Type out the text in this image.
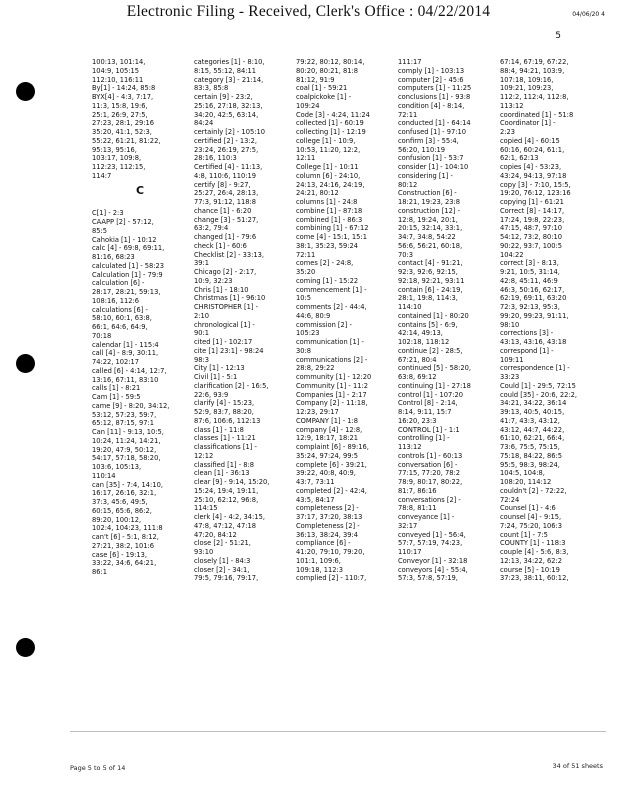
Electronic Filing - Received, Clerk's Office : 04/22/2014	04/06/20 4
5
100:13, 101:14,
104:9, 105:15
112:10, 116:11
By[1] - 14:24, 85:8
BYX[4] - 4:3, 7:17,
11:3, 15:8, 19:6,
25:1, 26:9, 27:5,
27:23, 28:1, 29:16
35:20, 41:1, 52:3,
55:22, 61:21, 81:22,
95:13, 95:16,
103:17, 109:8,
112:23, 112:15,
114:7
C

C[1] - 2:3
CAAPP [2] - 57:12,
85:5
Cahokia [1] - 10:12
calc [4] - 69:8, 69:11,
81:16, 68:23
calculated [1] - 58:23
Calculation [1] - 79:9
calculation [6] -
28:17, 28:21, 59:13,
108:16, 112:6
calculations [6] -
58:10, 60:1, 63:8,
66:1, 64:6, 64:9,
70:18
calendar [1] - 115:4
call [4] - 8:9, 30:11,
74:22, 102:17
called [6] - 4:14, 12:7,
13:16, 67:11, 83:10
calls [1] - 8:21
Cam [1] - 59:5
came [9] - 8:20, 34:12,
53:12, 57:23, 59:7,
65:12, 87:15, 97:1
Can [11] - 9:13, 10:5,
10:24, 11:24, 14:21,
19:20, 47:9, 50:12,
54:17, 57:18, 58:20,
103:6, 105:13,
110:14
can [35] - 7:4, 14:10,
16:17, 26:16, 32:1,
37:3, 45:6, 49:5,
60:15, 65:6, 86:2,
89:20, 100:12,
102:4, 104:23, 111:8
can't [6] - 5:1, 8:12,
27:21, 38:2, 101:6
case [6] - 19:13,
33:22, 34:6, 64:21,
86:1
categories [1] - 8:10,
8:15, 55:12, 84:11
category [3] - 21:14,
83:3, 85:8
certain [9] - 23:2,
25:16, 27:18, 32:13,
34:20, 42:5, 63:14,
84:24
certainly [2] - 105:10
certified [2] - 13:2,
23:24, 26:19, 27:5,
28:16, 110:3
Certified [4] - 11:13,
4:8, 110:6, 110:19
certify [8] - 9:27,
25:27, 26:4, 28:13,
77:3, 91:12, 118:8
chance [1] - 6:20
change [3] - 51:27,
63:2, 79:4
changed [1] - 79:6
check [1] - 60:6
Checklist [2] - 33:13,
39:1
Chicago [2] - 2:17,
10:9, 32:23
Chris [1] - 18:10
Christmas [1] - 96:10
CHRISTOPHER [1] -
2:10
chronological [1] -
90:1
cited [1] - 102:17
cite [1] 23:1] - 98:24
98:3
City [1] - 12:13
Civil [1] - 5:1
clarification [2] - 16:5,
22:6, 93:9
clarify [4] - 15:23,
52:9, 83:7, 88:20,
87:6, 106:6, 112:13
class [1] - 11:8
classes [1] - 11:21
classifications [1] -
12:12
classified [1] - 8:8
clean [1] - 36:13
clear [9] - 9:14, 15:20,
15:24, 19:4, 19:11,
25:10, 62:12, 96:8,
114:15
clerk [4] - 4:2, 34:15,
47:8, 47:12, 47:18
47:20, 84:12
close [2] - 51:21,
93:10
closely [1] - 84:3
closer [2] - 34:1,
79:5, 79:16, 79:17,
79:22, 80:12, 80:14,
80:20, 80:21, 81:8
81:12, 91:9
coal [1] - 59:21
coalpickoke [1] -
109:24
Code [3] - 4:24, 11:24
collected [1] - 60:19
collecting [1] - 12:19
college [1] - 10:9,
10:53, 11:20, 12:2,
12:11
College [1] - 10:11
column [6] - 24:10,
24:13, 24:16, 24:19,
24:21, 80:12
columns [1] - 24:8
combine [1] - 87:18
combined [1] - 86:3
combining [1] - 67:12
come [4] - 15:1, 15:1
38:1, 35:23, 59:24
72:11
comes [2] - 24:8,
35:20
coming [1] - 15:22
commencement [1] -
10:5
comments [2] - 44:4,
44:6, 80:9
commission [2] -
105:23
communication [1] -
30:8
communications [2] -
28:8, 29:22
community [1] - 12:20
Community [1] - 11:2
Companies [1] - 2:17
Company [2] - 11:18,
12:23, 29:17
COMPANY [1] - 1:8
company [4] - 12:8,
12:9, 18:17, 18:21
complaint [6] - 89:16,
35:24, 97:24, 99:5
complete [6] - 39:21,
39:22, 40:8, 40:9,
43:7, 73:11
completed [2] - 42:4,
43:5, 84:17
completeness [2] -
37:17, 37:20, 38:13
Completeness [2] -
36:13, 38:24, 39:4
compliance [6] -
41:20, 79:10, 79:20,
101:1, 109:6,
109:18, 112:3
complied [2] - 110:7,
111:17
comply [1] - 103:13
computer [2] - 45:6
computers [1] - 11:25
conclusions [1] - 93:8
condition [4] - 8:14,
72:11
conducted [1] - 64:14
confused [1] - 97:10
confirm [3] - 55:4,
56:20, 110:19
confusion [1] - 53:7
consider [1] - 104:10
considering [1] -
80:12
Construction [6] -
18:21, 19:23, 23:8
construction [12] -
12:8, 19:24, 20:1,
20:15, 32:14, 33:1,
34:7, 34:8, 54:22
56:6, 56:21, 60:18,
70:3
contact [4] - 91:21,
92:3, 92:6, 92:15,
92:18, 92:21, 93:11
contain [6] - 24:19,
28:1, 19:8, 114:3,
114:10
contained [1] - 80:20
contains [5] - 6:9,
42:14, 49:13,
102:18, 118:12
continue [2] - 28:5,
67:21, 80:4
continued [5] - 58:20,
63:8, 69:12
continuing [1] - 27:18
control [1] - 107:20
Control [8] - 2:14,
8:14, 9:11, 15:7
16:20, 23:3
CONTROL [1] - 1:1
controlling [1] -
113:12
controls [1] - 60:13
conversation [6] -
77:15, 77:20, 78:2
78:9, 80:17, 80:22,
81:7, 86:16
conversations [2] -
78:8, 81:11
conveyance [1] -
32:17
conveyed [1] - 56:4,
57:7, 57:19, 74:23,
110:17
Conveyor [1] - 32:18
conveyors [4] - 55:4,
57:3, 57:8, 57:19,
67:14, 67:19, 67:22,
88:4, 94:21, 103:9,
107:18, 109:16,
109:21, 109:23,
112:2, 112:4, 112:8,
113:12
coordinated [1] - 51:8
Coordinator [1] -
2:23
copied [4] - 60:15
60:16, 60:24, 61:1,
62:1, 62:13
copies [4] - 53:23,
43:24, 94:13, 97:18
copy [3] - 7:10, 15:5,
19:20, 76:12, 123:16
copying [1] - 61:21
Correct [8] - 14:17,
17:24, 19:8, 22:23,
47:15, 48:7, 97:10
54:12, 73:2, 80:10
90:22, 93:7, 100:5
104:22
correct [3] - 8:13,
9:21, 10:5, 31:14,
42:8, 45:11, 46:9
46:3, 50:16, 62:17,
62:19, 69:11, 63:20
72:3, 92:13, 95:3,
99:20, 99:23, 91:11,
98:10
corrections [3] -
43:13, 43:16, 43:18
correspond [1] -
109:11
correspondence [1] -
33:23
Could [1] - 29:5, 72:15
could [35] - 20:6, 22:2,
34:21, 34:22, 36:14
39:13, 40:5, 40:15,
41:7, 43:3, 43:12,
43:12, 44:7, 44:22,
61:10, 62:21, 66:4,
73:6, 75:5, 75:15,
75:18, 84:22, 86:5
95:5, 98:3, 98:24,
104:5, 104:8,
108:20, 114:12
couldn't [2] - 72:22,
72:24
Counsel [1] - 4:6
counsel [4] - 9:15,
7:24, 75:20, 106:3
count [1] - 7:5
COUNTY [1] - 118:3
couple [4] - 5:6, 8:3,
12:13, 34:22, 62:2
course [5] - 10:19
37:23, 38:11, 60:12,
Page 5 to 5 of 14	34 of 51 sheets
